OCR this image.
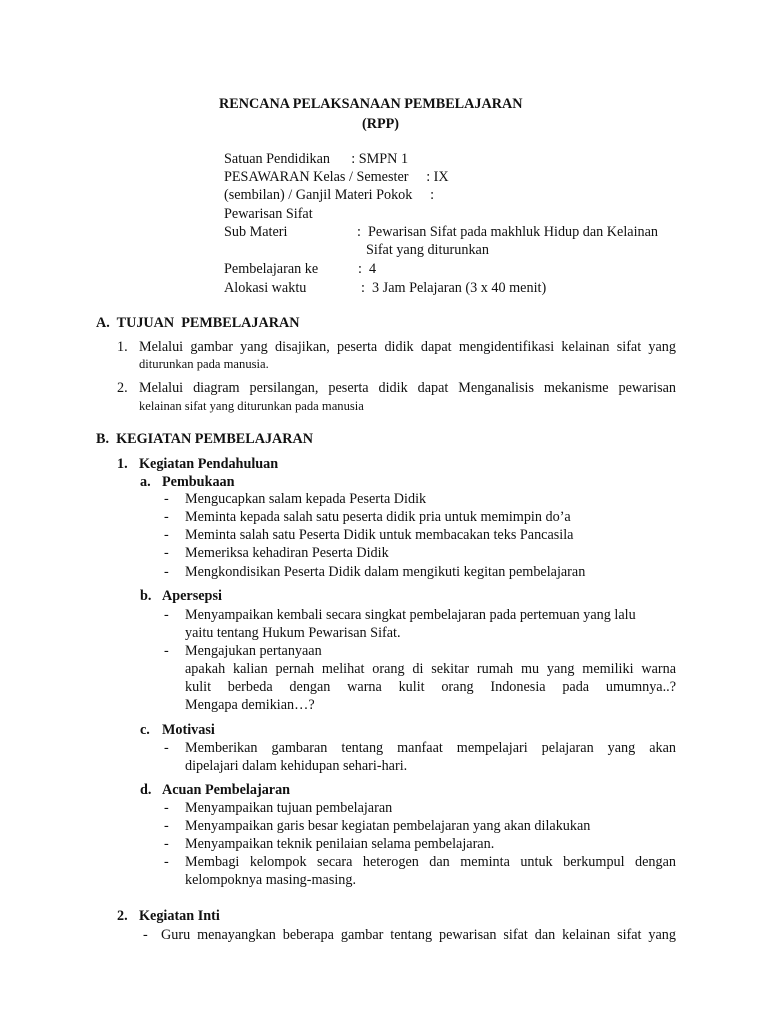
RENCANA PELAKSANAAN PEMBELAJARAN
(RPP)
Satuan Pendidikan      : SMPN 1
PESAWARAN Kelas / Semester     : IX
(sembilan) / Ganjil Materi Pokok     :
Pewarisan Sifat
Sub Materi	:  Pewarisan Sifat pada makhluk Hidup dan Kelainan
Sifat yang diturunkan
Pembelajaran ke	:  4
Alokasi waktu	:  3 Jam Pelajaran (3 x 40 menit)
A.  TUJUAN  PEMBELAJARAN
1. Melalui gambar yang disajikan, peserta didik dapat mengidentifikasi kelainan sifat yang
diturunkan pada manusia.
2. Melalui diagram persilangan, peserta didik dapat Menganalisis mekanisme pewarisan
kelainan sifat yang diturunkan pada manusia
B.  KEGIATAN PEMBELAJARAN
1. Kegiatan Pendahuluan
a. Pembukaan
- Mengucapkan salam kepada Peserta Didik
- Meminta kepada salah satu peserta didik pria untuk memimpin do’a
- Meminta salah satu Peserta Didik untuk membacakan teks Pancasila
- Memeriksa kehadiran Peserta Didik
- Mengkondisikan Peserta Didik dalam mengikuti kegitan pembelajaran
b. Apersepsi
- Menyampaikan kembali secara singkat pembelajaran pada pertemuan yang lalu
yaitu tentang Hukum Pewarisan Sifat.
- Mengajukan pertanyaan
apakah kalian pernah melihat orang di sekitar rumah mu yang memiliki warna
kulit berbeda dengan warna kulit orang Indonesia pada umumnya..?
Mengapa demikian…?
c. Motivasi
- Memberikan gambaran tentang manfaat mempelajari pelajaran yang akan
dipelajari dalam kehidupan sehari-hari.
d. Acuan Pembelajaran
- Menyampaikan tujuan pembelajaran
- Menyampaikan garis besar kegiatan pembelajaran yang akan dilakukan
- Menyampaikan teknik penilaian selama pembelajaran.
- Membagi kelompok secara heterogen dan meminta untuk berkumpul dengan
kelompoknya masing-masing.
2. Kegiatan Inti
- Guru menayangkan beberapa gambar tentang pewarisan sifat dan kelainan sifat yang
